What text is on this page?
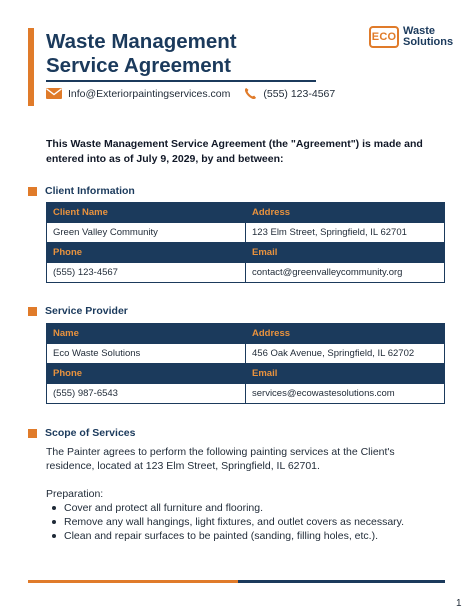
Waste Management
Service Agreement
ECO Waste
Solutions
Info@Exteriorpaintingservices.com	(555) 123-4567
This Waste Management Service Agreement (the "Agreement") is made and entered into as of July 9, 2029, by and between:
Client Information
Client Name	Address
Green Valley Community	123 Elm Street, Springfield, IL 62701
Phone	Email
(555) 123-4567	contact@greenvalleycommunity.org
Service Provider
Name	Address
Eco Waste Solutions	456 Oak Avenue, Springfield, IL 62702
Phone	Email
(555) 987-6543	services@ecowastesolutions.com
Scope of Services

The Painter agrees to perform the following painting services at the Client's residence, located at 123 Elm Street, Springfield, IL 62701.

Preparation:
Cover and protect all furniture and flooring.
Remove any wall hangings, light fixtures, and outlet covers as necessary.
Clean and repair surfaces to be painted (sanding, filling holes, etc.).
1
